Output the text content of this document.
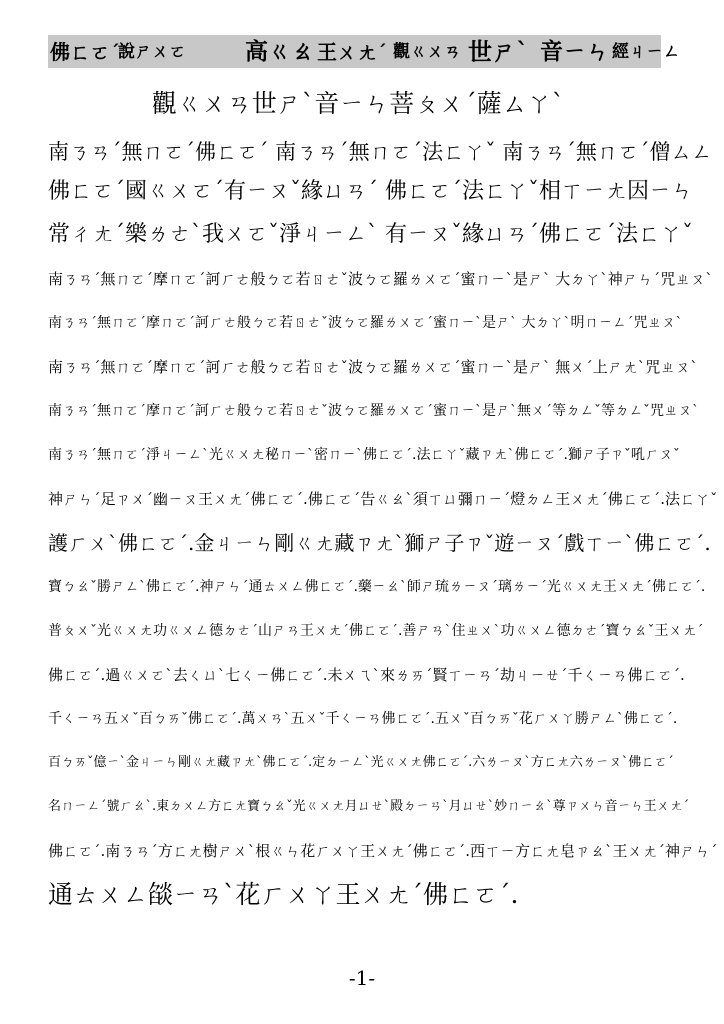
佛ㄈㄛˊ
說ㄕㄨㄛ	高ㄍㄠ 王ㄨㄤˊ 觀ㄍㄨㄢ 世ㄕˋ 音ㄧㄣ 經ㄐㄧㄥ
觀ㄍㄨㄢ世ㄕˋ音ㄧㄣ菩ㄆㄨˊ薩ㄙㄚˋ
南ㄋㄢˊ無ㄇㄛˊ佛ㄈㄛˊ 南ㄋㄢˊ無ㄇㄛˊ法ㄈㄚˇ 南ㄋㄢˊ無ㄇㄛˊ僧ㄙㄥ
佛ㄈㄛˊ國ㄍㄨㄛˊ有ㄧㄡˇ緣ㄩㄢˊ 佛ㄈㄛˊ法ㄈㄚˇ相ㄒㄧㄤ因ㄧㄣ
常ㄔㄤˊ樂ㄌㄜˋ我ㄨㄛˇ淨ㄐㄧㄥˋ 有ㄧㄡˇ緣ㄩㄢˊ佛ㄈㄛˊ法ㄈㄚˇ
南ㄋㄢˊ無ㄇㄛˊ摩ㄇㄛˊ訶ㄏㄜ般ㄅㄛ若ㄖㄜˇ波ㄅㄛ羅ㄌㄨㄛˊ蜜ㄇㄧˋ是ㄕˋ 大ㄉㄚˋ神ㄕㄣˊ咒ㄓㄡˋ
南ㄋㄢˊ無ㄇㄛˊ摩ㄇㄛˊ訶ㄏㄜ般ㄅㄛ若ㄖㄜˇ波ㄅㄛ羅ㄌㄨㄛˊ蜜ㄇㄧˋ是ㄕˋ 大ㄉㄚˋ明ㄇㄧㄥˊ咒ㄓㄡˋ
南ㄋㄢˊ無ㄇㄛˊ摩ㄇㄛˊ訶ㄏㄜ般ㄅㄛ若ㄖㄜˇ波ㄅㄛ羅ㄌㄨㄛˊ蜜ㄇㄧˋ是ㄕˋ 無ㄨˊ上ㄕㄤˋ咒ㄓㄡˋ
南ㄋㄢˊ無ㄇㄛˊ摩ㄇㄛˊ訶ㄏㄜ般ㄅㄛ若ㄖㄜˇ波ㄅㄛ羅ㄌㄨㄛˊ蜜ㄇㄧˋ是ㄕˋ無ㄨˊ等ㄉㄥˇ等ㄉㄥˇ咒ㄓㄡˋ
南ㄋㄢˊ無ㄇㄛˊ淨ㄐㄧㄥˋ光ㄍㄨㄤ秘ㄇㄧˋ密ㄇㄧˋ佛ㄈㄛˊ.法ㄈㄚˇ藏ㄗㄤˋ佛ㄈㄛˊ.獅ㄕ子ㄗˇ吼ㄏㄡˇ
神ㄕㄣˊ足ㄗㄨˊ幽ㄧㄡ王ㄨㄤˊ佛ㄈㄛˊ.佛ㄈㄛˊ告ㄍㄠˋ須ㄒㄩ彌ㄇㄧˊ燈ㄉㄥ王ㄨㄤˊ佛ㄈㄛˊ.法ㄈㄚˇ
護ㄏㄨˋ佛ㄈㄛˊ.金ㄐㄧㄣ剛ㄍㄤ藏ㄗㄤˋ獅ㄕ子ㄗˇ遊ㄧㄡˊ戲ㄒㄧˋ佛ㄈㄛˊ.
寶ㄅㄠˇ勝ㄕㄥˋ佛ㄈㄛˊ.神ㄕㄣˊ通ㄊㄨㄥ佛ㄈㄛˊ.藥ㄧㄠˋ師ㄕ琉ㄌㄧㄡˊ璃ㄌㄧˊ光ㄍㄨㄤ王ㄨㄤˊ佛ㄈㄛˊ.
普ㄆㄨˇ光ㄍㄨㄤ功ㄍㄨㄥ德ㄉㄜˊ山ㄕㄢ王ㄨㄤˊ佛ㄈㄛˊ.善ㄕㄢˋ住ㄓㄨˋ功ㄍㄨㄥ德ㄉㄜˊ寶ㄅㄠˇ王ㄨㄤˊ
佛ㄈㄛˊ.過ㄍㄨㄛˋ去ㄑㄩˋ七ㄑㄧ佛ㄈㄛˊ.未ㄨㄟˋ來ㄌㄞˊ賢ㄒㄧㄢˊ劫ㄐㄧㄝˊ千ㄑㄧㄢ佛ㄈㄛˊ.
千ㄑㄧㄢ五ㄨˇ百ㄅㄞˇ佛ㄈㄛˊ.萬ㄨㄢˋ五ㄨˇ千ㄑㄧㄢ佛ㄈㄛˊ.五ㄨˇ百ㄅㄞˇ花ㄏㄨㄚ勝ㄕㄥˋ佛ㄈㄛˊ.
百ㄅㄞˇ億ㄧˋ金ㄐㄧㄣ剛ㄍㄤ藏ㄗㄤˋ佛ㄈㄛˊ.定ㄉㄧㄥˋ光ㄍㄨㄤ佛ㄈㄛˊ.六ㄌㄧㄡˋ方ㄈㄤ六ㄌㄧㄡˋ佛ㄈㄛˊ
名ㄇㄧㄥˊ號ㄏㄠˋ.東ㄉㄨㄥ方ㄈㄤ寶ㄅㄠˇ光ㄍㄨㄤ月ㄩㄝˋ殿ㄉㄧㄢˋ月ㄩㄝˋ妙ㄇㄧㄠˋ尊ㄗㄨㄣ音ㄧㄣ王ㄨㄤˊ
佛ㄈㄛˊ.南ㄋㄢˊ方ㄈㄤ樹ㄕㄨˋ根ㄍㄣ花ㄏㄨㄚ王ㄨㄤˊ佛ㄈㄛˊ.西ㄒㄧ方ㄈㄤ皂ㄗㄠˋ王ㄨㄤˊ神ㄕㄣˊ
通ㄊㄨㄥ燄ㄧㄢˋ花ㄏㄨㄚ王ㄨㄤˊ佛ㄈㄛˊ.
-1-
